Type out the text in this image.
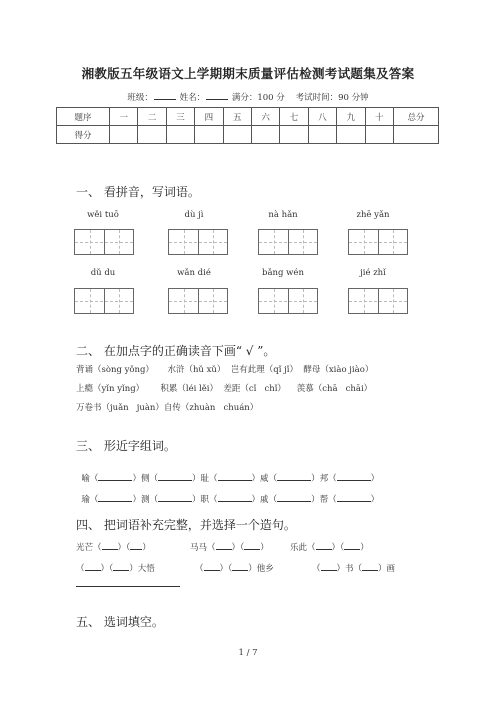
湘教版五年级语文上学期期末质量评估检测考试题集及答案
班级：	姓名：	满分：100 分 考试时间：90 分钟
题序	一	二	三	四	五	六	七	八	九	十	总分
得分											
一、 看拼音，写词语。
wěi tuō	dù jì	nà hǎn	zhē yǎn
dǔ du	wǎn dié	bǎng wén	jié zhǐ
二、 在加点字的正确读音下画“ √ ”。
背诵（sòng yǒng）     水浒（hǔ xǔ）  岂有此理（qǐ jǐ）  酵母（xiào jiào）
上瘾（yǐn yǐng）      积累（léi lěi）  差距（cǐ   chǐ）    羡慕（chā   chāi）
万卷书（juǎn   juàn）自传（zhuàn   chuán）
三、 形近字组词。

喻（	）侧（	）耻（	）威（	）邦（	）

瑜（	）测（	）职（	）戚（	）帮（	）

四、 把词语补充完整，并选择一个造句。
光芒（ ）（ ）	马马（ ）（ ） 乐此（ ）（ ）
（ ）（ ）大悟	（ ）（ ）他乡	（ ）书（ ）画
五、 选词填空。
1 / 7
